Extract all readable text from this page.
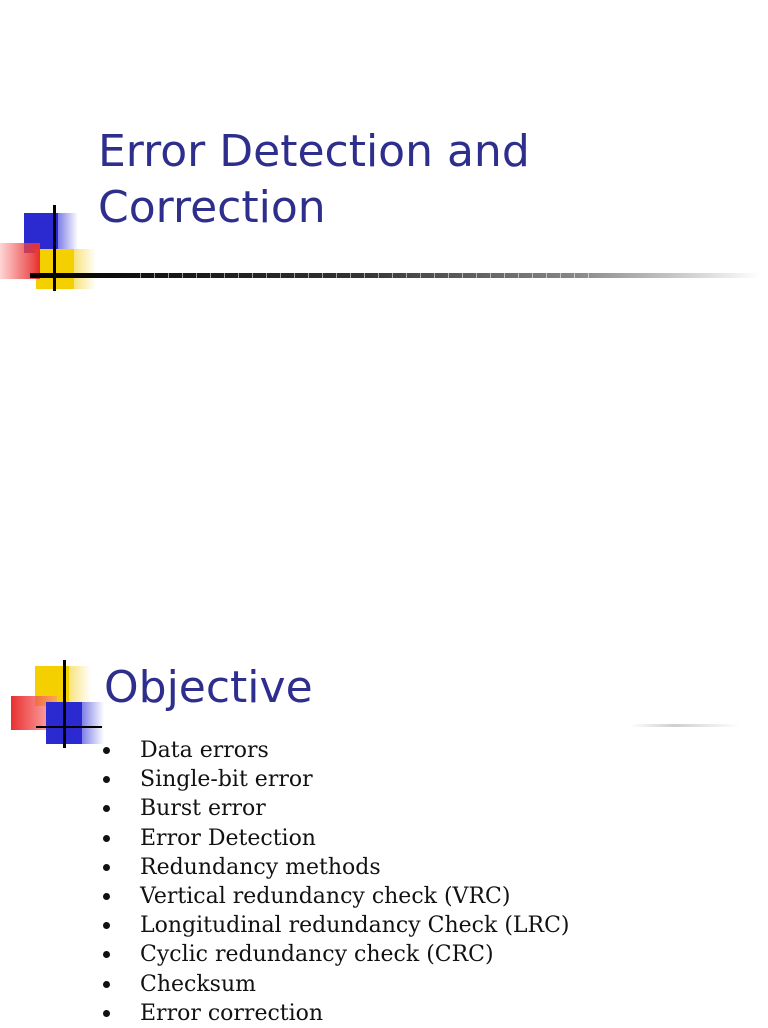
Error Detection and
Correction
Objective
Data errors
Single-bit error
Burst error
Error Detection
Redundancy methods
Vertical redundancy check (VRC)
Longitudinal redundancy Check (LRC)
Cyclic redundancy check (CRC)
Checksum
Error correction
